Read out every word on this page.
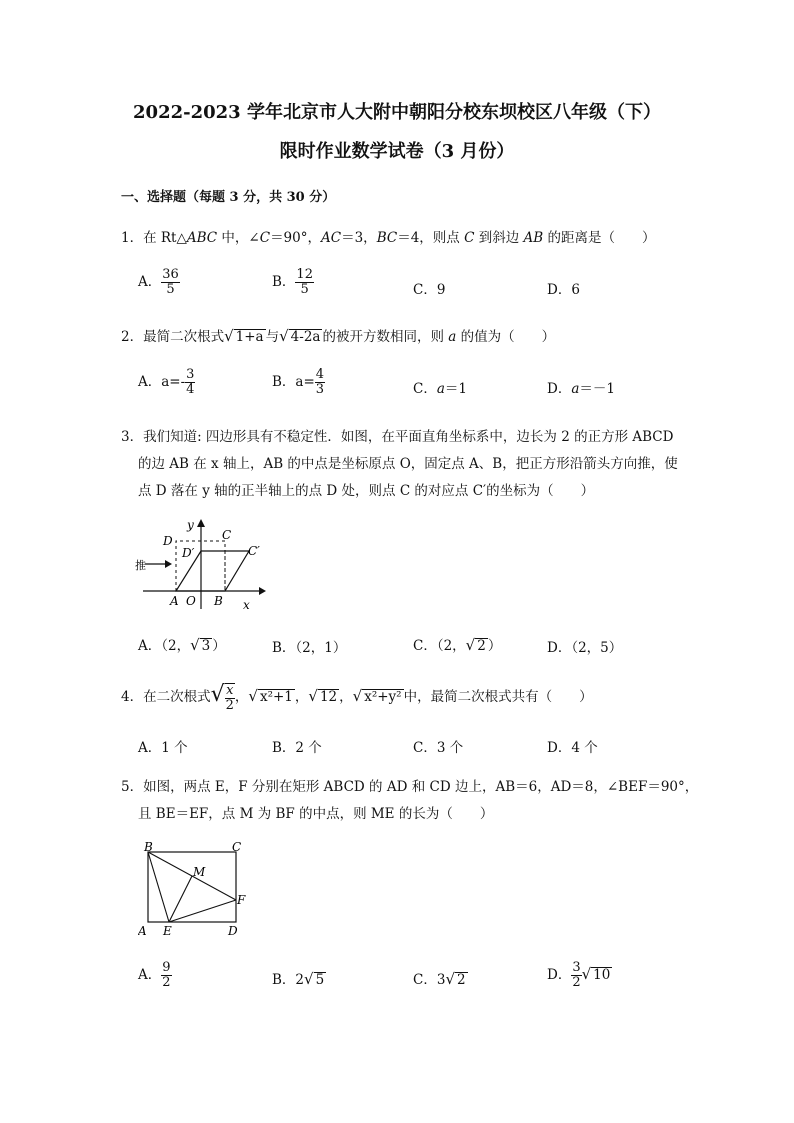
2022-2023 学年北京市人大附中朝阳分校东坝校区八年级（下）
限时作业数学试卷（3 月份）
一、选择题（每题 3 分，共 30 分）
1．在 Rt△ABC 中，∠C＝90°，AC＝3，BC＝4，则点 C 到斜边 AB 的距离是（　　）
A． $\frac{36}{5}$	B． $\frac{12}{5}$	C．9	D．6
2．最简二次根式√ 1+a 与√ 4-2a 的被开方数相同，则 a 的值为（　　）
A．$a=- \frac{3}{4}$	B．$a= \frac{4}{3}$	C．a＝1	D．a＝－1
3．我们知道: 四边形具有不稳定性．如图，在平面直角坐标系中，边长为 2 的正方形 ABCD
的边 AB 在 x 轴上，AB 的中点是坐标原点 O，固定点 A、B，把正方形沿箭头方向推，使
点 D 落在 y 轴的正半轴上的点 D 处，则点 C 的对应点 C′的坐标为（　　）
y
x
D	C
D′	C′
A O B
推
A．（2，√ 3 ）	B．（2，1）	C．（2，√ 2 ）	D．（2，5）
4．在二次根式√ $\frac{x}{2}$ ，√ x²+1 ，√ 12 ，√ x²+y² 中，最简二次根式共有（　　）
A．1 个	B．2 个	C．3 个	D．4 个
5．如图，两点 E，F 分别在矩形 ABCD 的 AD 和 CD 边上，AB＝6，AD＝8，∠BEF＝90°，
且 BE＝EF，点 M 为 BF 的中点，则 ME 的长为（　　）
B	C
M
F
A E	D
A． $\frac{9}{2}$	B．2√ 5	C．3√ 2	D． $\frac{3}{2}$ √ 10
